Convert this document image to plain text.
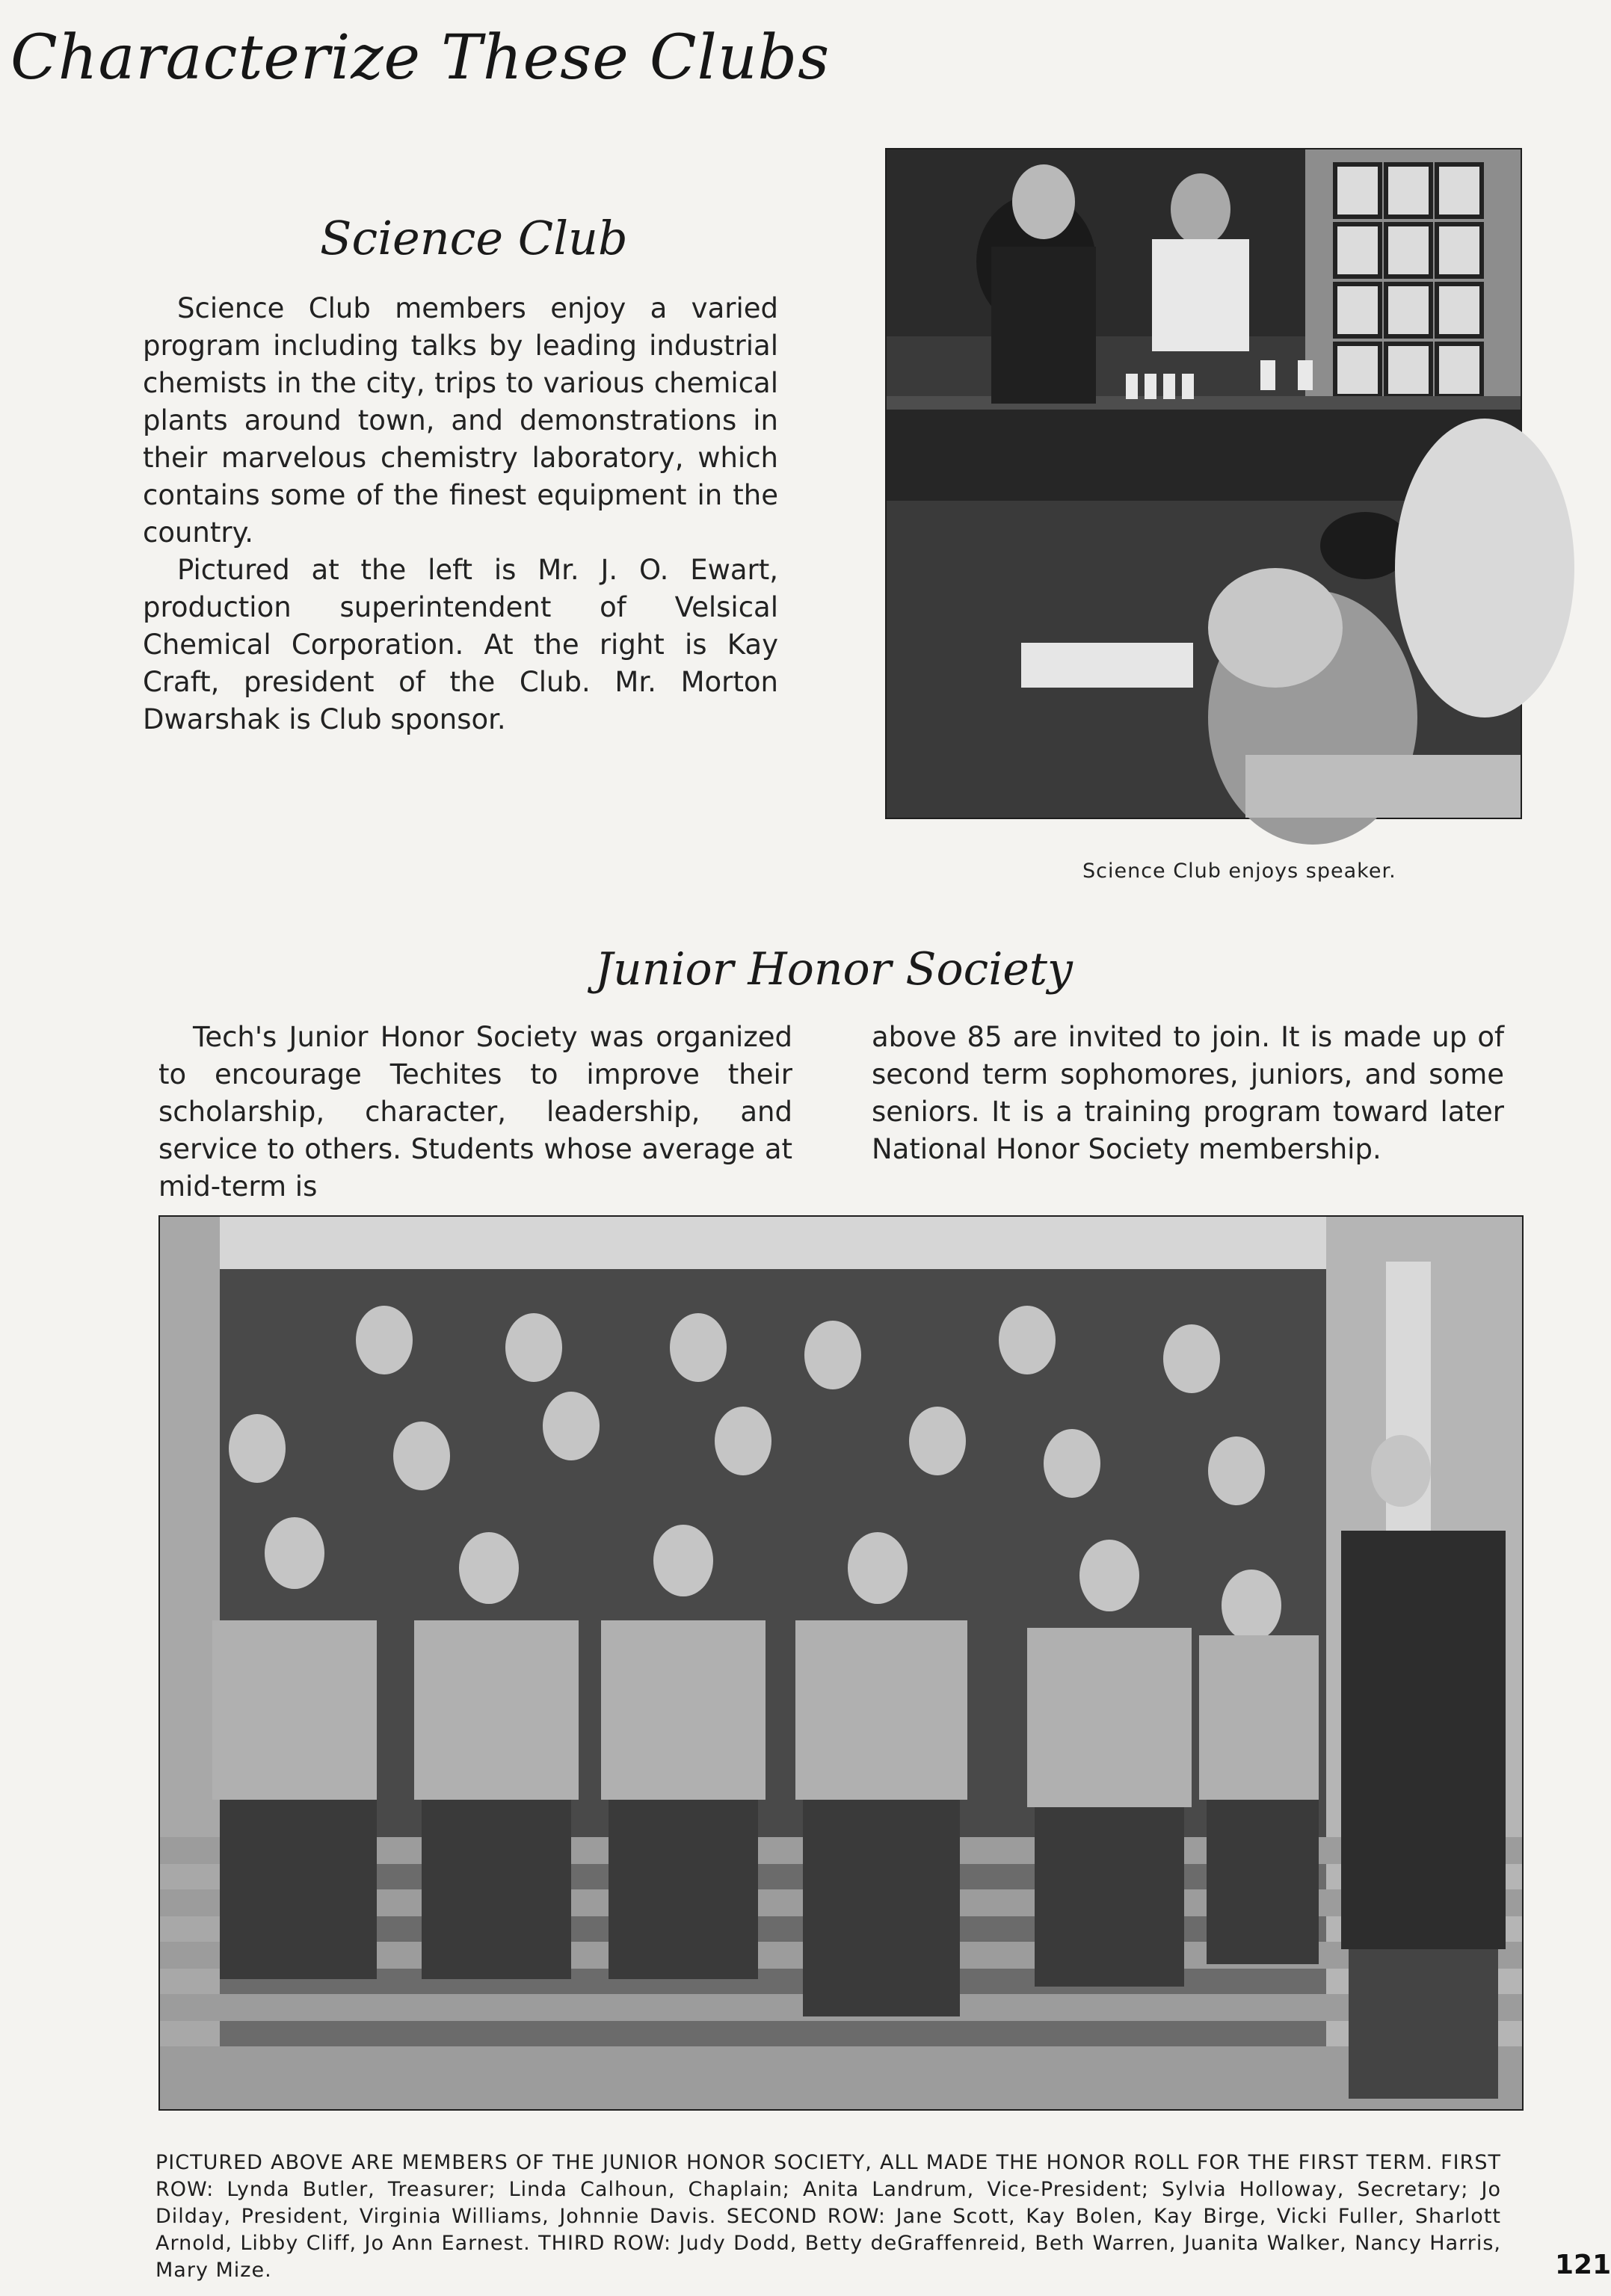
Characterize These Clubs
Science Club

Science Club members enjoy a varied program including talks by leading industrial chemists in the city, trips to various chemical plants around town, and demonstrations in their marvelous chemistry laboratory, which contains some of the finest equipment in the country.

Pictured at the left is Mr. J. O. Ewart, production superintendent of Velsical Chemical Corporation. At the right is Kay Craft, president of the Club. Mr. Morton Dwarshak is Club sponsor.

Science Club enjoys speaker.

Junior Honor Society

Tech's Junior Honor Society was organized to encourage Techites to improve their scholarship, character, leadership, and service to others. Students whose average at mid-term is

above 85 are invited to join. It is made up of second term sophomores, juniors, and some seniors. It is a training program toward later National Honor Society membership.

PICTURED ABOVE ARE MEMBERS OF THE JUNIOR HONOR SOCIETY, ALL MADE THE HONOR ROLL FOR THE FIRST TERM. FIRST ROW: Lynda Butler, Treasurer; Linda Calhoun, Chaplain; Anita Landrum, Vice-President; Sylvia Holloway, Secretary; Jo Dilday, President, Virginia Williams, Johnnie Davis. SECOND ROW: Jane Scott, Kay Bolen, Kay Birge, Vicki Fuller, Sharlott Arnold, Libby Cliff, Jo Ann Earnest. THIRD ROW: Judy Dodd, Betty deGraffenreid, Beth Warren, Juanita Walker, Nancy Harris, Mary Mize.	121
